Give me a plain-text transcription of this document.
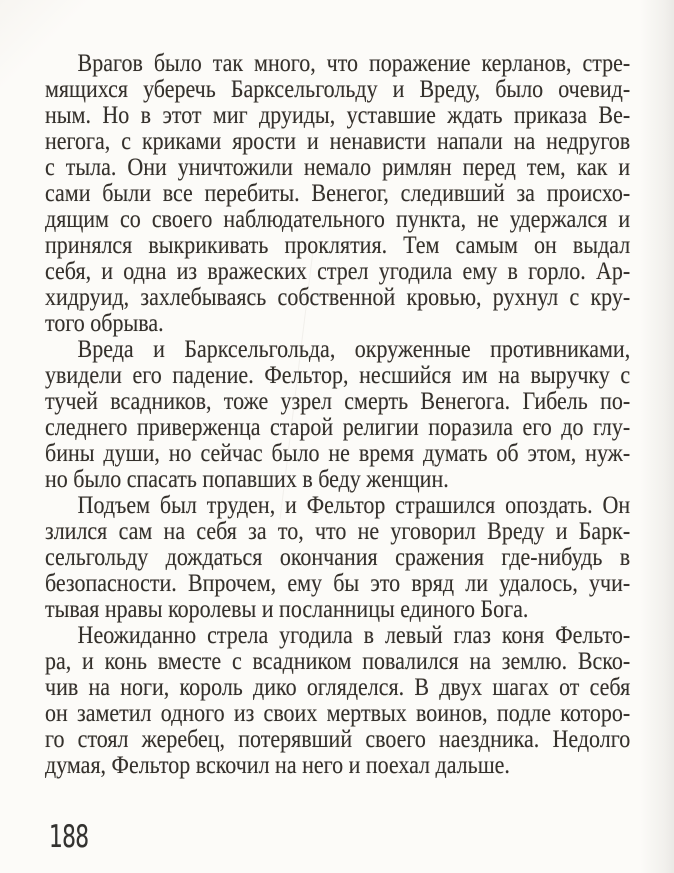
Врагов было так много, что поражение керланов, стре-
мящихся уберечь Барксельгольду и Вреду, было очевид-
ным. Но в этот миг друиды, уставшие ждать приказа Ве-
негога, с криками ярости и ненависти напали на недругов
с тыла. Они уничтожили немало римлян перед тем, как и
сами были все перебиты. Венегог, следивший за происхо-
дящим со своего наблюдательного пункта, не удержался и
принялся выкрикивать проклятия. Тем самым он выдал
себя, и одна из вражеских стрел угодила ему в горло. Ар-
хидруид, захлебываясь собственной кровью, рухнул с кру-
того обрыва.
Вреда и Барксельгольда, окруженные противниками,
увидели его падение. Фельтор, несшийся им на выручку с
тучей всадников, тоже узрел смерть Венегога. Гибель по-
следнего приверженца старой религии поразила его до глу-
бины души, но сейчас было не время думать об этом, нуж-
но было спасать попавших в беду женщин.
Подъем был труден, и Фельтор страшился опоздать. Он
злился сам на себя за то, что не уговорил Вреду и Барк-
сельгольду дождаться окончания сражения где-нибудь в
безопасности. Впрочем, ему бы это вряд ли удалось, учи-
тывая нравы королевы и посланницы единого Бога.
Неожиданно стрела угодила в левый глаз коня Фельто-
ра, и конь вместе с всадником повалился на землю. Вско-
чив на ноги, король дико огляделся. В двух шагах от себя
он заметил одного из своих мертвых воинов, подле которо-
го стоял жеребец, потерявший своего наездника. Недолго
думая, Фельтор вскочил на него и поехал дальше.
188
